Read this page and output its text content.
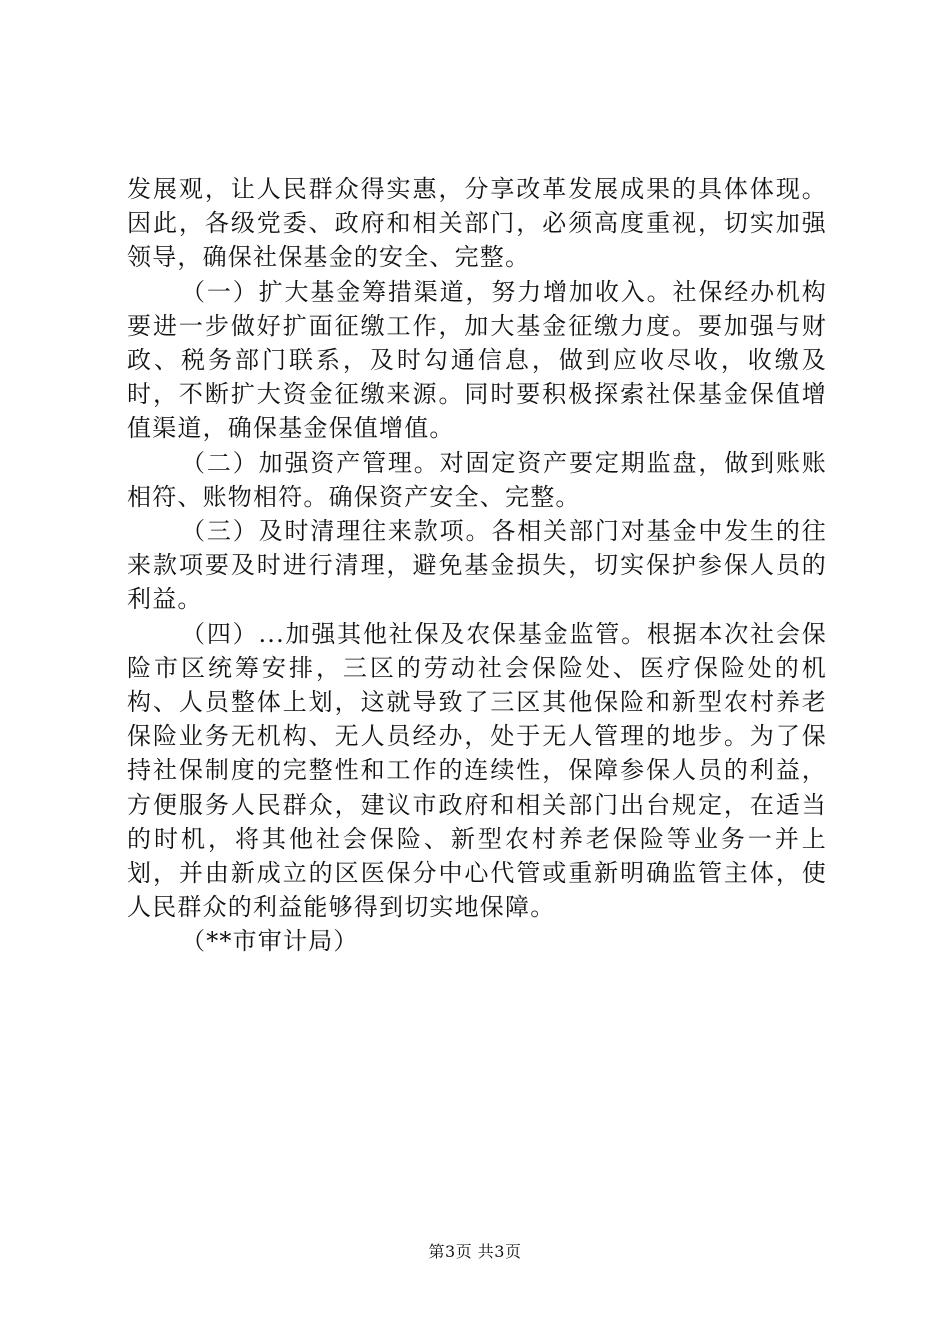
发展观，让人民群众得实惠，分享改革发展成果的具体体现。因此，各级党委、政府和相关部门，必须高度重视，切实加强领导，确保社保基金的安全、完整。

（一）扩大基金筹措渠道，努力增加收入。社保经办机构要进一步做好扩面征缴工作，加大基金征缴力度。要加强与财政、税务部门联系，及时勾通信息，做到应收尽收，收缴及时，不断扩大资金征缴来源。同时要积极探索社保基金保值增值渠道，确保基金保值增值。

（二）加强资产管理。对固定资产要定期监盘，做到账账相符、账物相符。确保资产安全、完整。

（三）及时清理往来款项。各相关部门对基金中发生的往来款项要及时进行清理，避免基金损失，切实保护参保人员的利益。

（四）...加强其他社保及农保基金监管。根据本次社会保险市区统筹安排，三区的劳动社会保险处、医疗保险处的机构、人员整体上划，这就导致了三区其他保险和新型农村养老保险业务无机构、无人员经办，处于无人管理的地步。为了保持社保制度的完整性和工作的连续性，保障参保人员的利益，方便服务人民群众，建议市政府和相关部门出台规定，在适当的时机，将其他社会保险、新型农村养老保险等业务一并上划，并由新成立的区医保分中心代管或重新明确监管主体，使人民群众的利益能够得到切实地保障。

（**市审计局）

第3页 共3页
